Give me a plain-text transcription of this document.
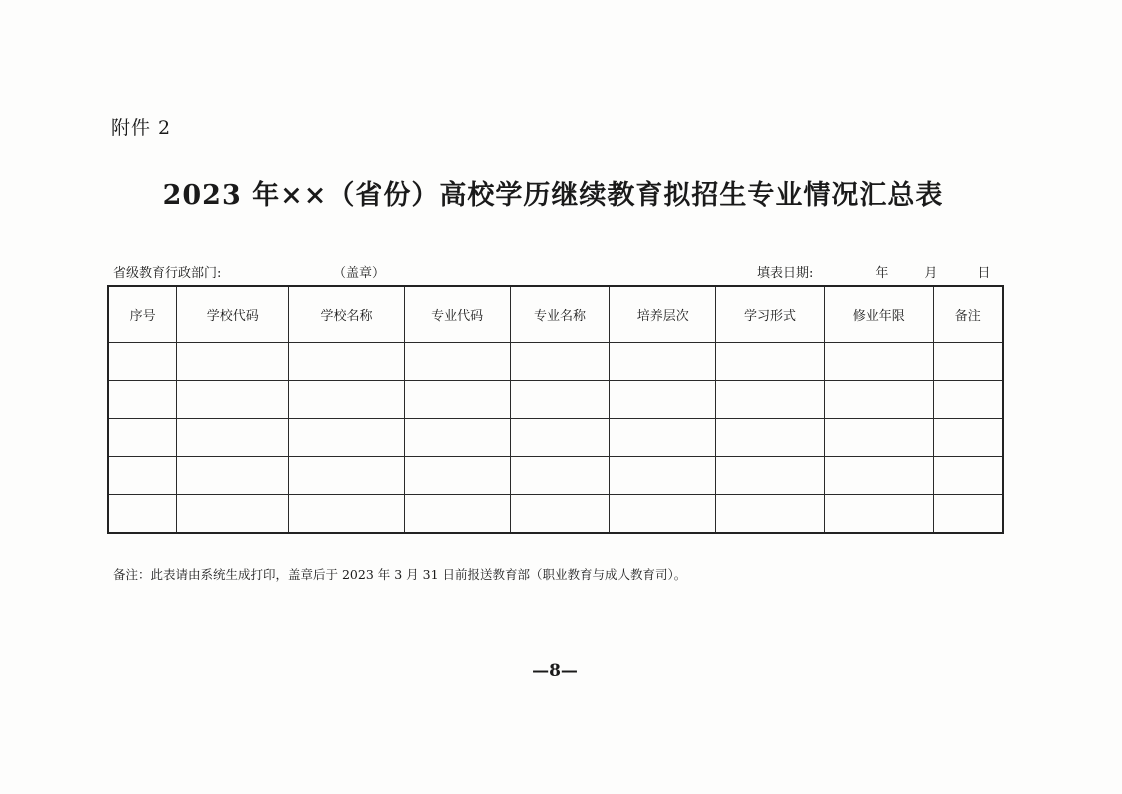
附件 2
2023 年××（省份）高校学历继续教育拟招生专业情况汇总表
省级教育行政部门:	（盖章）	填表日期:	年	月	日
序号	学校代码	学校名称	专业代码	专业名称	培养层次	学习形式	修业年限	备注

备注：此表请由系统生成打印，盖章后于 2023 年 3 月 31 日前报送教育部（职业教育与成人教育司）。
—8—
